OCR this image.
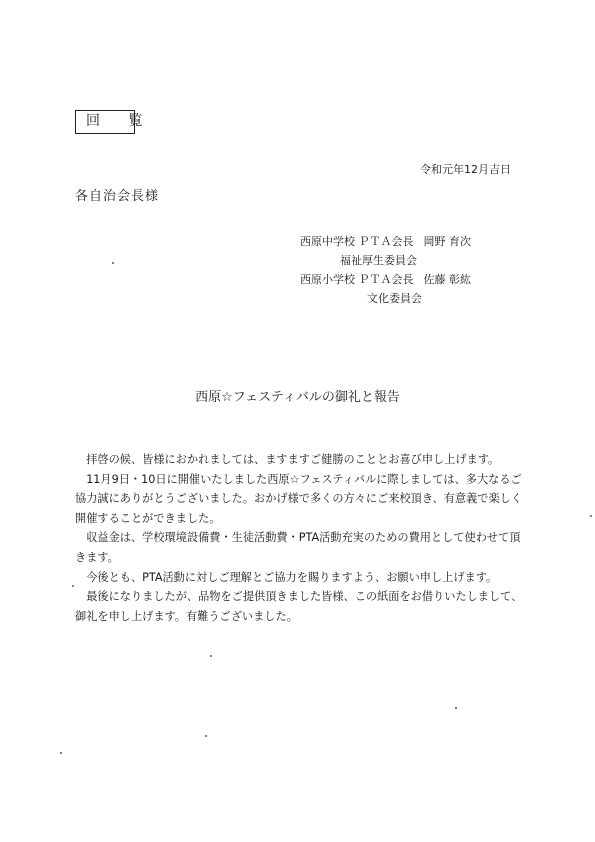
回 覧
令和元年12月吉日
各自治会長様
西原中学校 ＰＴＡ会長 岡野 育次
福祉厚生委員会
西原小学校 ＰＴＡ会長 佐藤 彰紘
文化委員会
西原☆フェスティバルの御礼と報告

拝啓の候、皆様におかれましては、ますますご健勝のこととお喜び申し上げます。

11月9日・10日に開催いたしました西原☆フェスティバルに際しましては、多大なるご協力誠にありがとうございました。おかげ様で多くの方々にご来校頂き、有意義で楽しく開催することができました。

収益金は、学校環境設備費・生徒活動費・PTA活動充実のための費用として使わせて頂きます。

今後とも、PTA活動に対しご理解とご協力を賜りますよう、お願い申し上げます。

最後になりましたが、品物をご提供頂きました皆様、この紙面をお借りいたしまして、御礼を申し上げます。有難うございました。
